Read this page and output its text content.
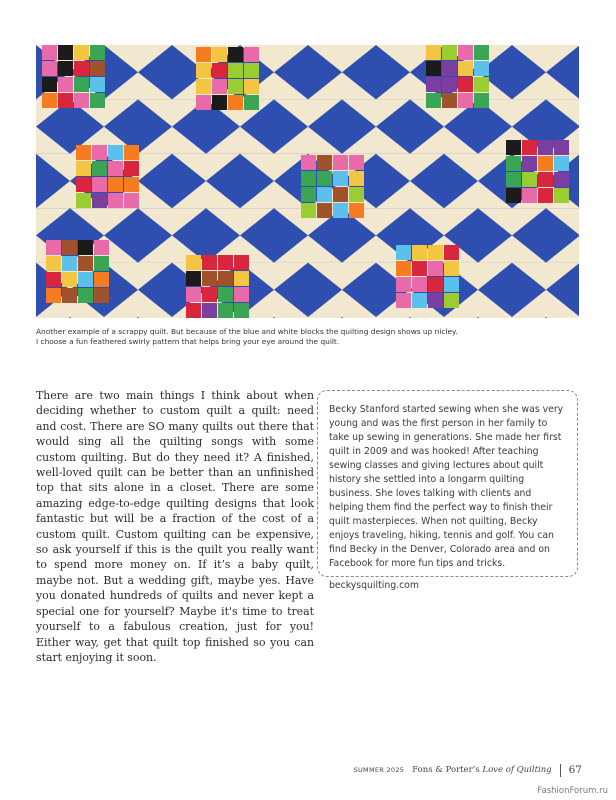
Another example of a scrappy quilt. But because of the blue and white blocks the quilting design shows up nicley.
I choose a fun feathered swirly pattern that helps bring your eye around the quilt.
There are two main things I think about when deciding whether to custom quilt a quilt: need and cost. There are SO many quilts out there that would sing all the quilting songs with some custom quilting. But do they need it? A finished, well-loved quilt can be better than an unfinished top that sits alone in a closet. There are some amazing edge-to-edge quilting designs that look fantastic but will be a fraction of the cost of a custom quilt. Custom quilting can be expensive, so ask yourself if this is the quilt you really want to spend more money on. If it’s a baby quilt, maybe not. But a wedding gift, maybe yes. Have you donated hundreds of quilts and never kept a special one for yourself? Maybe it's time to treat yourself to a fabulous creation, just for you! Either way, get that quilt top finished so you can start enjoying it soon.

Becky Stanford started sewing when she was very young and was the first person in her family to take up sewing in generations. She made her first quilt in 2009 and was hooked! After teaching sewing classes and giving lectures about quilt history she settled into a longarm quilting business. She loves talking with clients and helping them find the perfect way to finish their quilt masterpieces. When not quilting, Becky enjoys traveling, hiking, tennis and golf. You can find Becky in the Denver, Colorado area and on Facebook for more fun tips and tricks.

beckysquilting.com

SUMMER 2025 Fons & Porter’s Love of Quilting 67
FashionForum.ru
